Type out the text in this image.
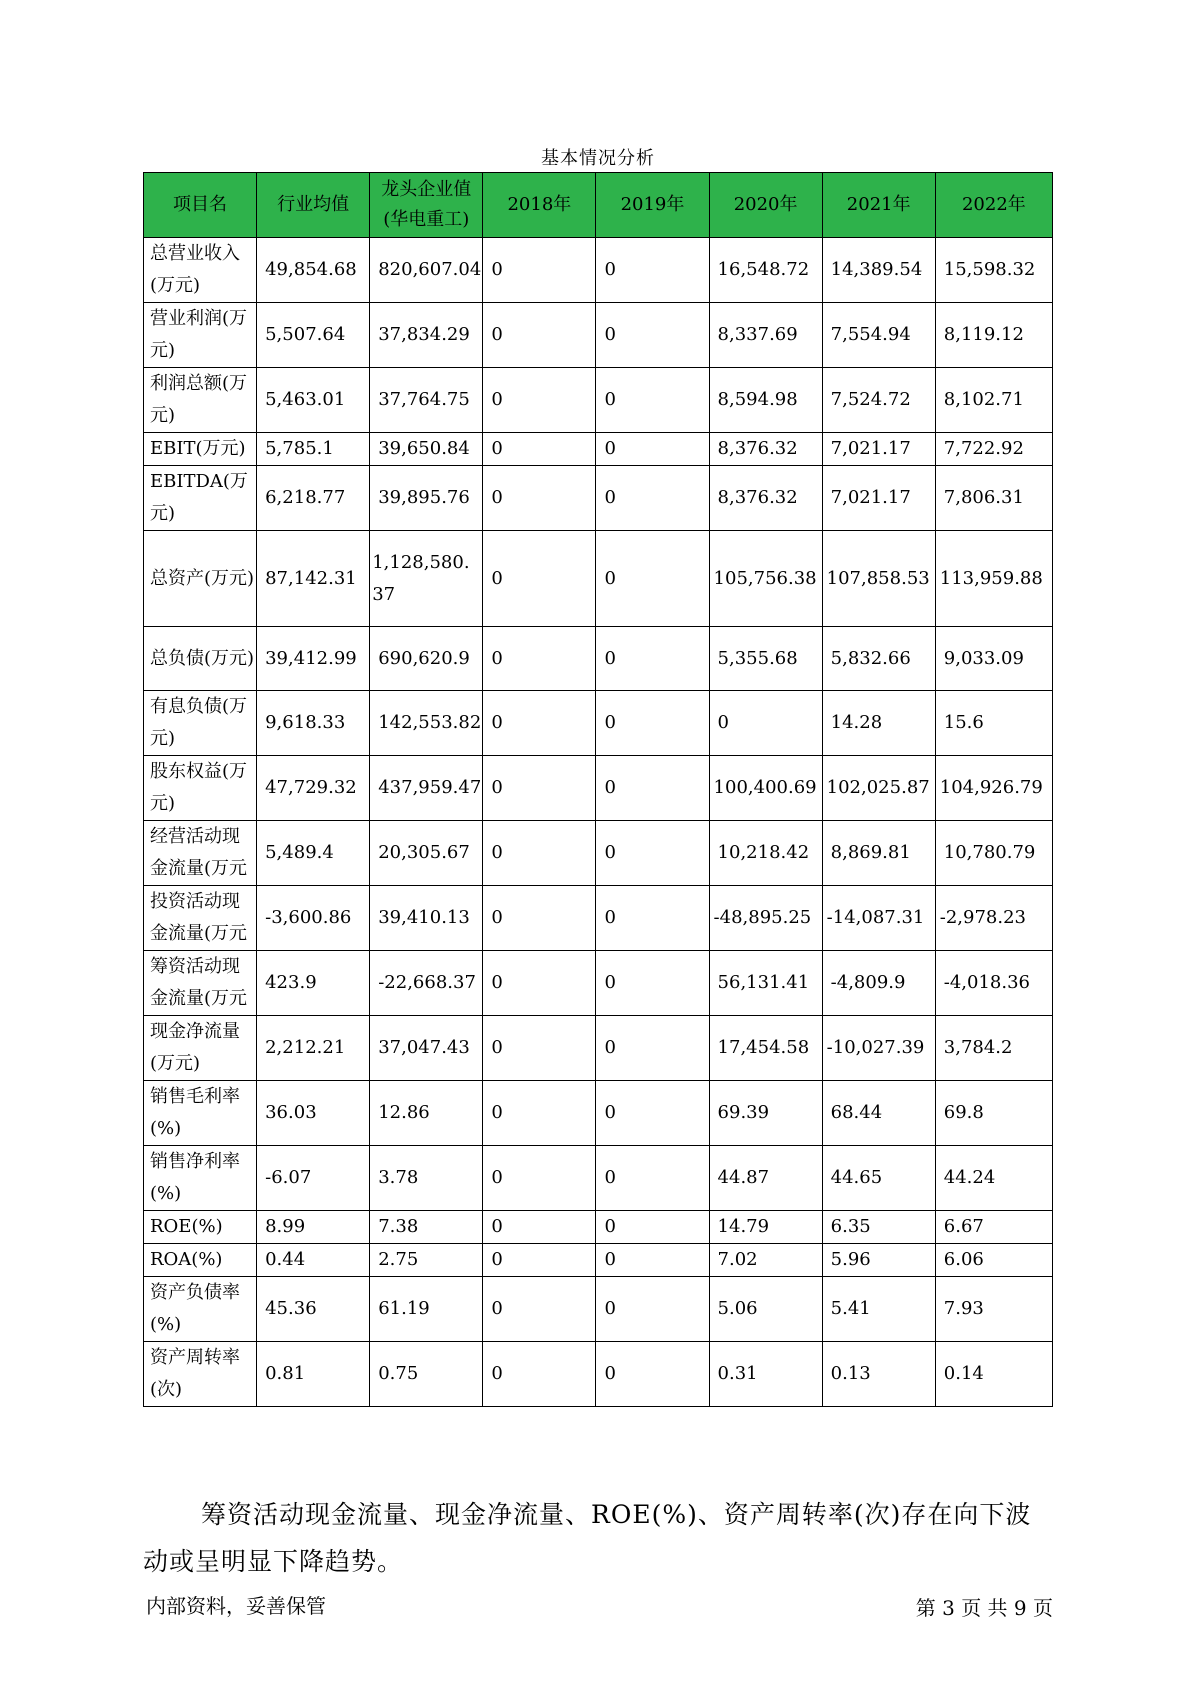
基本情况分析
项目名	行业均值	龙头企业值(华电重工)	2018年	2019年	2020年	2021年	2022年
总营业收入(万元)	49,854.68	820,607.04	0	0	16,548.72	14,389.54	15,598.32
营业利润(万元)	5,507.64	37,834.29	0	0	8,337.69	7,554.94	8,119.12
利润总额(万元)	5,463.01	37,764.75	0	0	8,594.98	7,524.72	8,102.71
EBIT(万元)	5,785.1	39,650.84	0	0	8,376.32	7,021.17	7,722.92
EBITDA(万元)	6,218.77	39,895.76	0	0	8,376.32	7,021.17	7,806.31
总资产(万元)	87,142.31	1,128,580.37	0	0	105,756.38	107,858.53	113,959.88
总负债(万元)	39,412.99	690,620.9	0	0	5,355.68	5,832.66	9,033.09
有息负债(万元)	9,618.33	142,553.82	0	0	0	14.28	15.6
股东权益(万元)	47,729.32	437,959.47	0	0	100,400.69	102,025.87	104,926.79
经营活动现金流量(万元	5,489.4	20,305.67	0	0	10,218.42	8,869.81	10,780.79
投资活动现金流量(万元	-3,600.86	39,410.13	0	0	-48,895.25	-14,087.31	-2,978.23
筹资活动现金流量(万元	423.9	-22,668.37	0	0	56,131.41	-4,809.9	-4,018.36
现金净流量(万元)	2,212.21	37,047.43	0	0	17,454.58	-10,027.39	3,784.2
销售毛利率(%)	36.03	12.86	0	0	69.39	68.44	69.8
销售净利率(%)	-6.07	3.78	0	0	44.87	44.65	44.24
ROE(%)	8.99	7.38	0	0	14.79	6.35	6.67
ROA(%)	0.44	2.75	0	0	7.02	5.96	6.06
资产负债率(%)	45.36	61.19	0	0	5.06	5.41	7.93
资产周转率(次)	0.81	0.75	0	0	0.31	0.13	0.14

筹资活动现金流量、现金净流量、ROE(%)、资产周转率(次)存在向下波动或呈明显下降趋势。

内部资料，妥善保管	第 3 页 共 9 页
